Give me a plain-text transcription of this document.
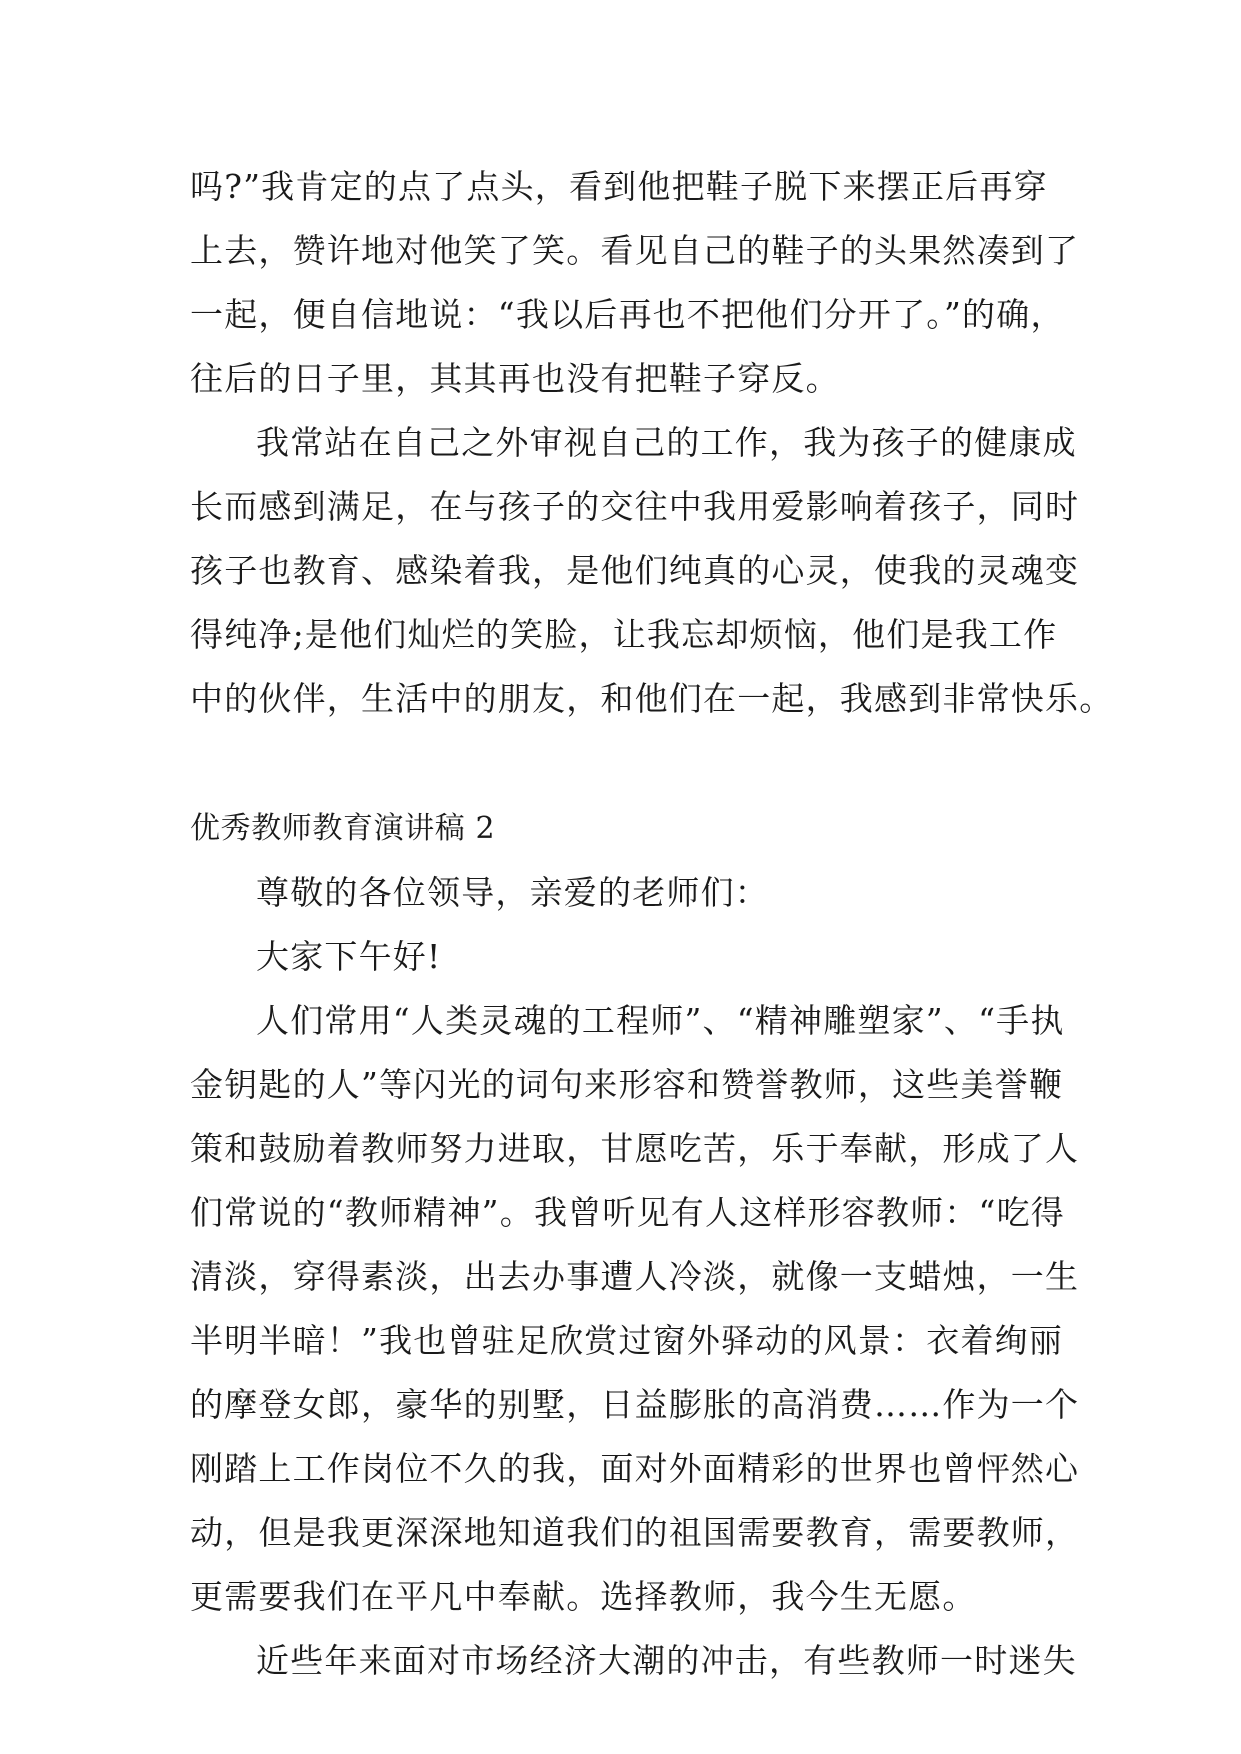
吗?”我肯定的点了点头，看到他把鞋子脱下来摆正后再穿
上去，赞许地对他笑了笑。看见自己的鞋子的头果然凑到了
一起，便自信地说：“我以后再也不把他们分开了。”的确，
往后的日子里，其其再也没有把鞋子穿反。
我常站在自己之外审视自己的工作，我为孩子的健康成
长而感到满足，在与孩子的交往中我用爱影响着孩子，同时
孩子也教育、感染着我，是他们纯真的心灵，使我的灵魂变
得纯净;是他们灿烂的笑脸，让我忘却烦恼，他们是我工作
中的伙伴，生活中的朋友，和他们在一起，我感到非常快乐。
优秀教师教育演讲稿 2
尊敬的各位领导，亲爱的老师们：
大家下午好!
人们常用“人类灵魂的工程师”、“精神雕塑家”、“手执
金钥匙的人”等闪光的词句来形容和赞誉教师，这些美誉鞭
策和鼓励着教师努力进取，甘愿吃苦，乐于奉献，形成了人
们常说的“教师精神”。我曾听见有人这样形容教师：“吃得
清淡，穿得素淡，出去办事遭人冷淡，就像一支蜡烛，一生
半明半暗！”我也曾驻足欣赏过窗外驿动的风景：衣着绚丽
的摩登女郎，豪华的别墅，日益膨胀的高消费……作为一个
刚踏上工作岗位不久的我，面对外面精彩的世界也曾怦然心
动，但是我更深深地知道我们的祖国需要教育，需要教师，
更需要我们在平凡中奉献。选择教师，我今生无愿。
近些年来面对市场经济大潮的冲击，有些教师一时迷失
